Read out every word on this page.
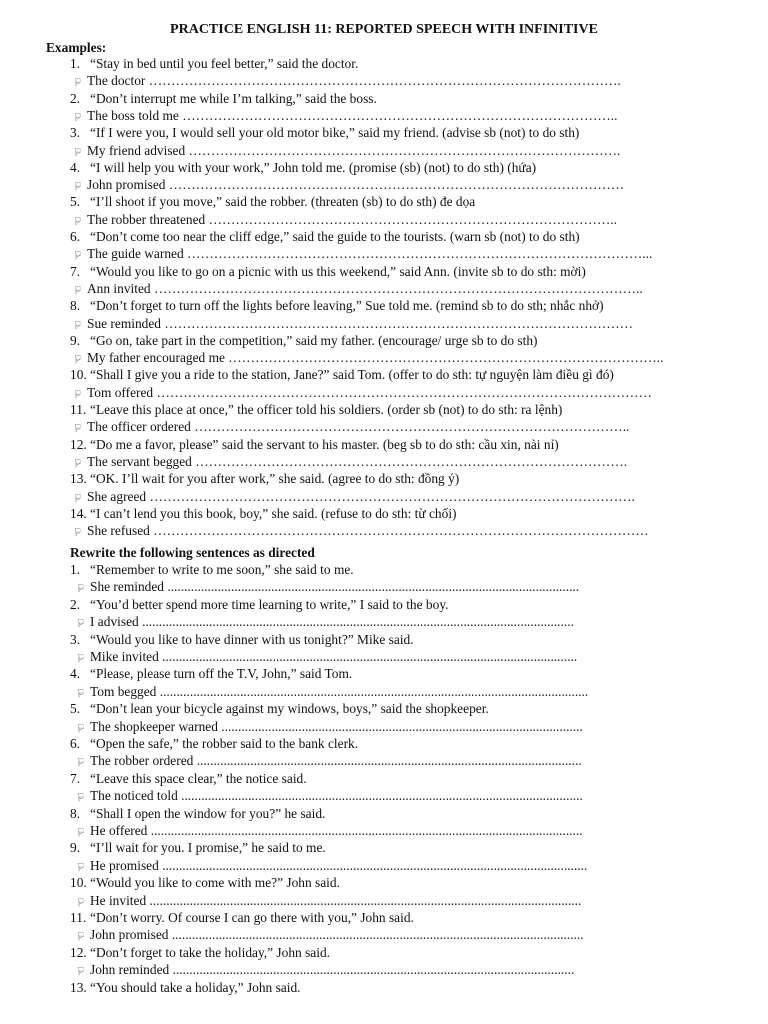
PRACTICE ENGLISH 11: REPORTED SPEECH WITH INFINITIVE
Examples:
1. “Stay in bed until you feel better,” said the doctor.
☞ The doctor …………………………………………………………………………………………….
2. “Don’t interrupt me while I’m talking,” said the boss.
☞ The boss told me ……………………………………………………………………………………..
3. “If I were you, I would sell your old motor bike,” said my friend. (advise sb (not) to do sth)
☞ My friend advised …………………………………………………………………………………….
4. “I will help you with your work,” John told me. (promise (sb) (not) to do sth) (hứa)
☞ John promised …………………………………………………………………………………………
5. “I’ll shoot if you move,” said the robber. (threaten (sb) to do sth) đe dọa
☞ The robber threatened ………………………………………………………………………………..
6. “Don’t come too near the cliff edge,” said the guide to the tourists. (warn sb (not) to do sth)
☞ The guide warned …………………………………………………………………………………………...
7. “Would you like to go on a picnic with us this weekend,” said Ann. (invite sb to do sth: mời)
☞ Ann invited ………………………………………………………………………………………………..
8. “Don’t forget to turn off the lights before leaving,” Sue told me. (remind sb to do sth; nhắc nhở)
☞ Sue reminded ……………………………………………………………………………………………
9. “Go on, take part in the competition,” said my father. (encourage/ urge sb to do sth)
☞ My father encouraged me ……………………………………………………………………………………..
10. “Shall I give you a ride to the station, Jane?” said Tom. (offer to do sth: tự nguyện làm điều gì đó)
☞ Tom offered …………………………………………………………………………………………………
11. “Leave this place at once,” the officer told his soldiers. (order sb (not) to do sth: ra lệnh)
☞ The officer ordered ……………………………………………………………………………………..
12. “Do me a favor, please” said the servant to his master. (beg sb to do sth: cầu xin, nài nỉ)
☞ The servant begged …………………………………………………………………………………….
13. “OK. I’ll wait for you after work,” she said. (agree to do sth: đồng ý)
☞ She agreed ……………………………………………………………………………………………….
14. “I can’t lend you this book, boy,” she said. (refuse to do sth: từ chối)
☞ She refused …………………………………………………………………………………………………
Rewrite the following sentences as directed
1. “Remember to write to me soon,” she said to me.
☞ She reminded ...........................................................................................................................
2. “You’d better spend more time learning to write,” I said to the boy.
☞ I advised .................................................................................................................................
3. “Would you like to have dinner with us tonight?” Mike said.
☞ Mike invited ............................................................................................................................
4. “Please, please turn off the T.V, John,” said Tom.
☞ Tom begged ................................................................................................................................
5. “Don’t lean your bicycle against my windows, boys,” said the shopkeeper.
☞ The shopkeeper warned ............................................................................................................
6. “Open the safe,” the robber said to the bank clerk.
☞ The robber ordered ...................................................................................................................
7. “Leave this space clear,” the notice said.
☞ The noticed told ........................................................................................................................
8. “Shall I open the window for you?” he said.
☞ He offered .................................................................................................................................
9. “I’ll wait for you. I promise,” he said to me.
☞ He promised ...............................................................................................................................
10. “Would you like to come with me?” John said.
☞ He invited .................................................................................................................................
11. “Don’t worry. Of course I can go there with you,” John said.
☞ John promised ...........................................................................................................................
12. “Don’t forget to take the holiday,” John said.
☞ John reminded ........................................................................................................................
13. “You should take a holiday,” John said.
